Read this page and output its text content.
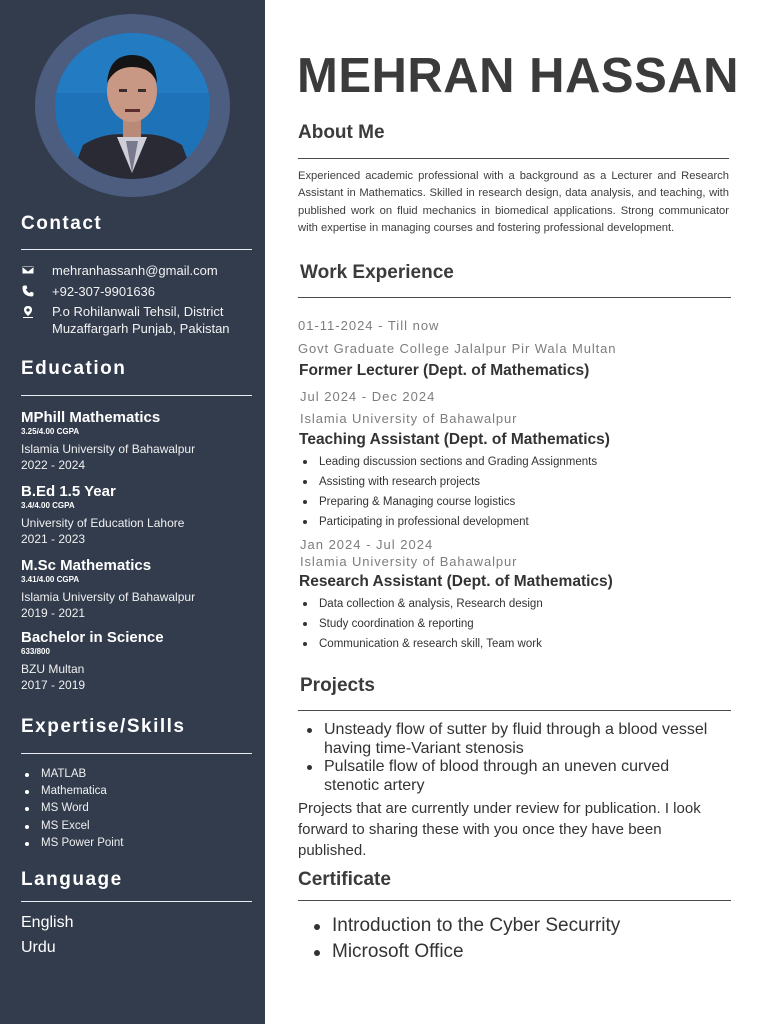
Contact
mehranhassanh@gmail.com
+92-307-9901636
P.o Rohilanwali Tehsil, District
Muzaffargarh Punjab, Pakistan
Education
MPhill Mathematics
3.25/4.00 CGPA
Islamia University of Bahawalpur
2022 - 2024
B.Ed 1.5 Year
3.4/4.00 CGPA
University of Education Lahore
2021 - 2023
M.Sc Mathematics
3.41/4.00 CGPA
Islamia University of Bahawalpur
2019 - 2021
Bachelor in Science
633/800
BZU Multan
2017 - 2019
Expertise/Skills
MATLAB
Mathematica
MS Word
MS Excel
MS Power Point
Language
English
Urdu
MEHRAN HASSAN
About Me
Experienced academic professional with a background as a Lecturer and Research Assistant in Mathematics. Skilled in research design, data analysis, and teaching, with published work on fluid mechanics in biomedical applications. Strong communicator with expertise in managing courses and fostering professional development.
Work Experience
01-11-2024 - Till now
Govt Graduate College Jalalpur Pir Wala Multan
Former Lecturer (Dept. of Mathematics)
Jul 2024 - Dec 2024
Islamia University of Bahawalpur
Teaching Assistant (Dept. of Mathematics)
Leading discussion sections and Grading Assignments
Assisting with research projects
Preparing & Managing course logistics
Participating in professional development
Jan 2024 - Jul 2024
Islamia University of Bahawalpur
Research Assistant (Dept. of Mathematics)
Data collection & analysis, Research design
Study coordination & reporting
Communication & research skill, Team work
Projects
Unsteady flow of sutter by fluid through a blood vessel having time-Variant stenosis
Pulsatile flow of blood through an uneven curved stenotic artery
Projects that are currently under review for publication. I look forward to sharing these with you once they have been published.
Certificate
Introduction to the Cyber Securrity
Microsoft Office
